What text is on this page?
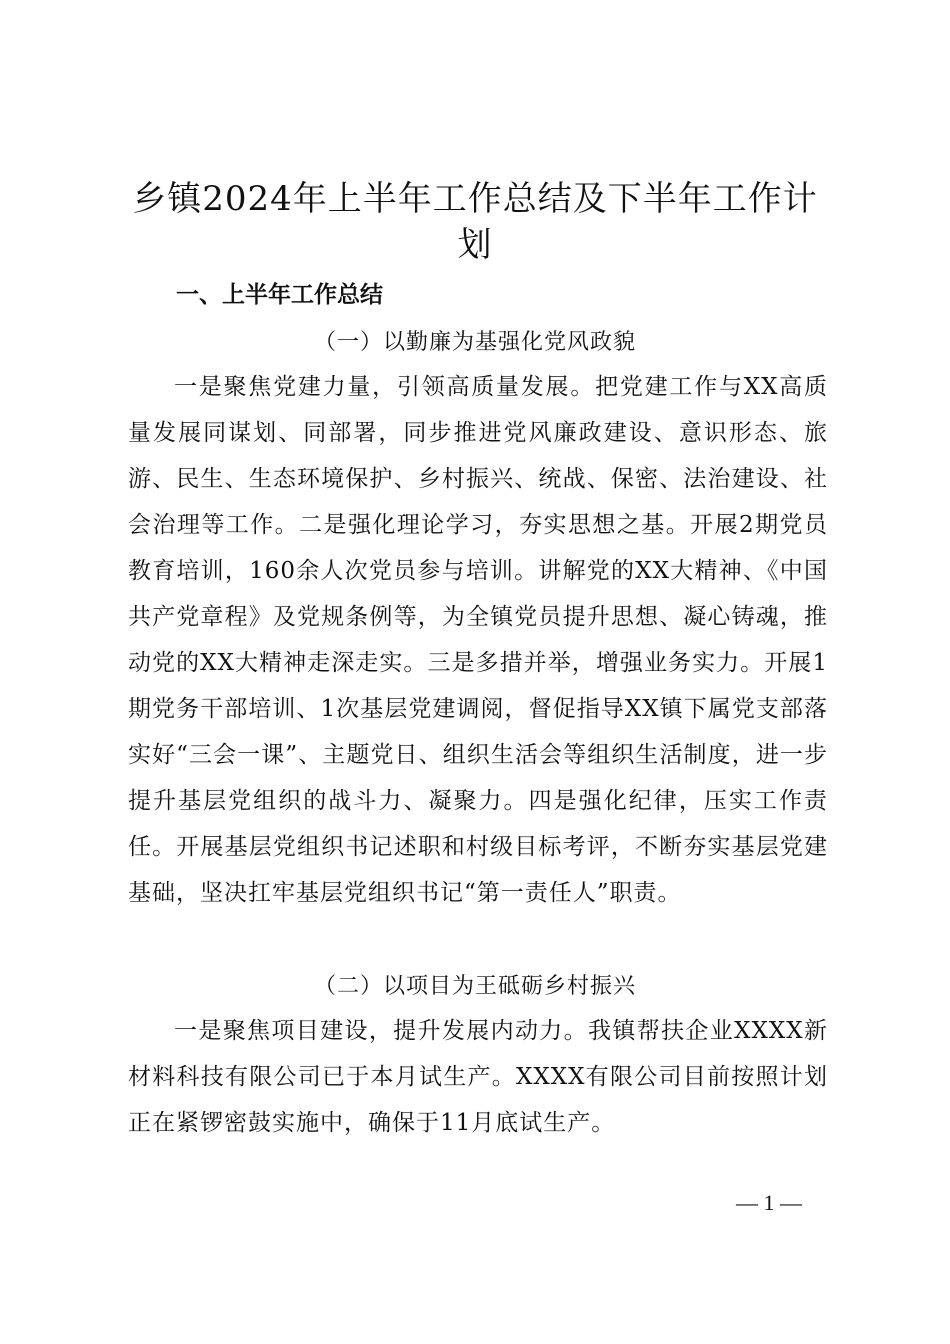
乡镇2024年上半年工作总结及下半年工作计划
一、上半年工作总结
（一）以勤廉为基强化党风政貌

一是聚焦党建力量，引领高质量发展。把党建工作与XX高质量发展同谋划、同部署，同步推进党风廉政建设、意识形态、旅游、民生、生态环境保护、乡村振兴、统战、保密、法治建设、社会治理等工作。二是强化理论学习，夯实思想之基。开展2期党员教育培训，160余人次党员参与培训。讲解党的XX大精神、《中国共产党章程》及党规条例等，为全镇党员提升思想、凝心铸魂，推动党的XX大精神走深走实。三是多措并举，增强业务实力。开展1期党务干部培训、1次基层党建调阅，督促指导XX镇下属党支部落实好“三会一课”、主题党日、组织生活会等组织生活制度，进一步提升基层党组织的战斗力、凝聚力。四是强化纪律，压实工作责任。开展基层党组织书记述职和村级目标考评，不断夯实基层党建基础，坚决扛牢基层党组织书记“第一责任人”职责。

（二）以项目为王砥砺乡村振兴

一是聚焦项目建设，提升发展内动力。我镇帮扶企业XXXX新材料科技有限公司已于本月试生产。XXXX有限公司目前按照计划正在紧锣密鼓实施中，确保于11月底试生产。

— 1 —
